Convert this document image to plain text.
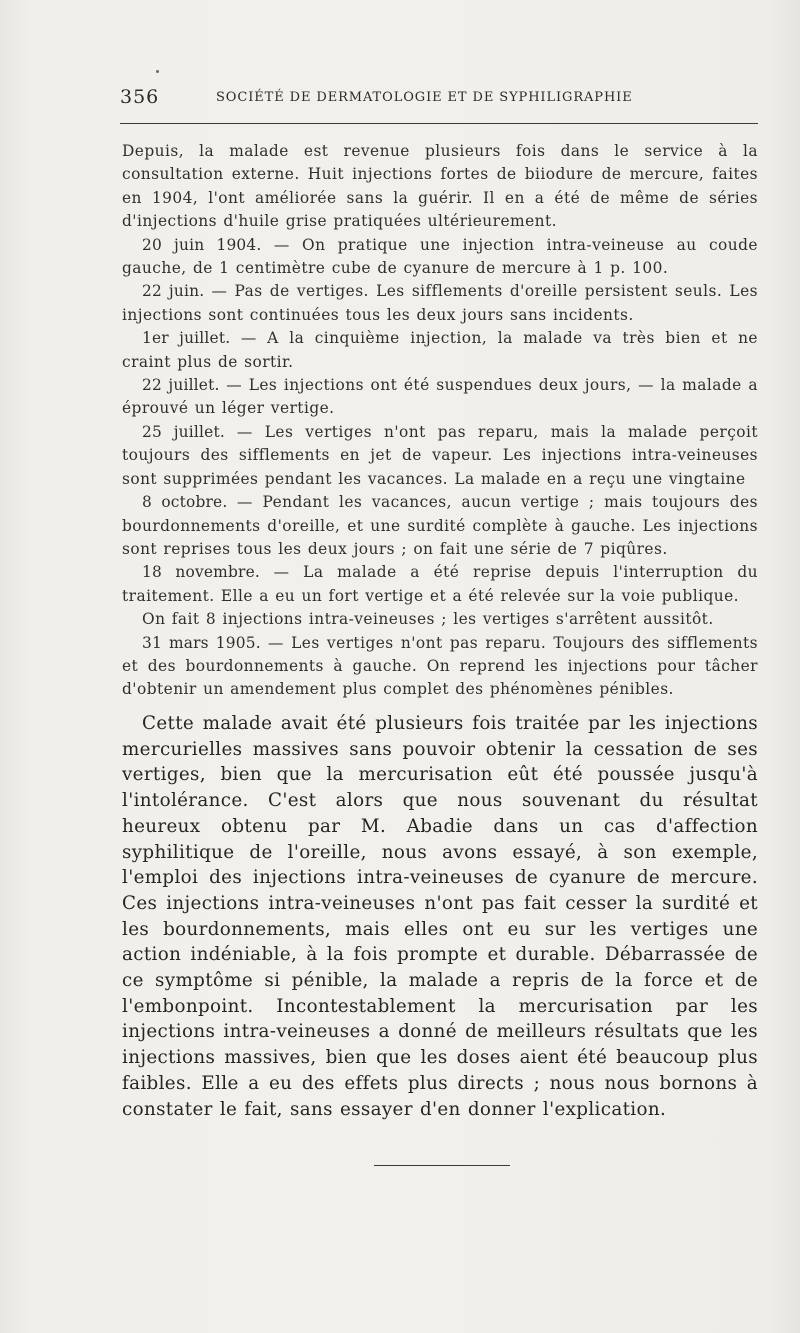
356	SOCIÉTÉ DE DERMATOLOGIE ET DE SYPHILIGRAPHIE

Depuis, la malade est revenue plusieurs fois dans le service à la consultation externe. Huit injections fortes de biiodure de mercure, faites en 1904, l'ont améliorée sans la guérir. Il en a été de même de séries d'injections d'huile grise pratiquées ultérieurement.

20 juin 1904. — On pratique une injection intra-veineuse au coude gauche, de 1 centimètre cube de cyanure de mercure à 1 p. 100.

22 juin. — Pas de vertiges. Les sifflements d'oreille persistent seuls. Les injections sont continuées tous les deux jours sans incidents.

1er juillet. — A la cinquième injection, la malade va très bien et ne craint plus de sortir.

22 juillet. — Les injections ont été suspendues deux jours, — la malade a éprouvé un léger vertige.

25 juillet. — Les vertiges n'ont pas reparu, mais la malade perçoit toujours des sifflements en jet de vapeur. Les injections intra-veineuses sont supprimées pendant les vacances. La malade en a reçu une vingtaine

8 octobre. — Pendant les vacances, aucun vertige ; mais toujours des bourdonnements d'oreille, et une surdité complète à gauche. Les injections sont reprises tous les deux jours ; on fait une série de 7 piqûres.

18 novembre. — La malade a été reprise depuis l'interruption du traitement. Elle a eu un fort vertige et a été relevée sur la voie publique.

On fait 8 injections intra-veineuses ; les vertiges s'arrêtent aussitôt.

31 mars 1905. — Les vertiges n'ont pas reparu. Toujours des sifflements et des bourdonnements à gauche. On reprend les injections pour tâcher d'obtenir un amendement plus complet des phénomènes pénibles.

Cette malade avait été plusieurs fois traitée par les injections mercurielles massives sans pouvoir obtenir la cessation de ses vertiges, bien que la mercurisation eût été poussée jusqu'à l'intolérance. C'est alors que nous souvenant du résultat heureux obtenu par M. Abadie dans un cas d'affection syphilitique de l'oreille, nous avons essayé, à son exemple, l'emploi des injections intra-veineuses de cyanure de mercure. Ces injections intra-veineuses n'ont pas fait cesser la surdité et les bourdonnements, mais elles ont eu sur les vertiges une action indéniable, à la fois prompte et durable. Débarrassée de ce symptôme si pénible, la malade a repris de la force et de l'embonpoint. Incontestablement la mercurisation par les injections intra-veineuses a donné de meilleurs résultats que les injections massives, bien que les doses aient été beaucoup plus faibles. Elle a eu des effets plus directs ; nous nous bornons à constater le fait, sans essayer d'en donner l'explication.
